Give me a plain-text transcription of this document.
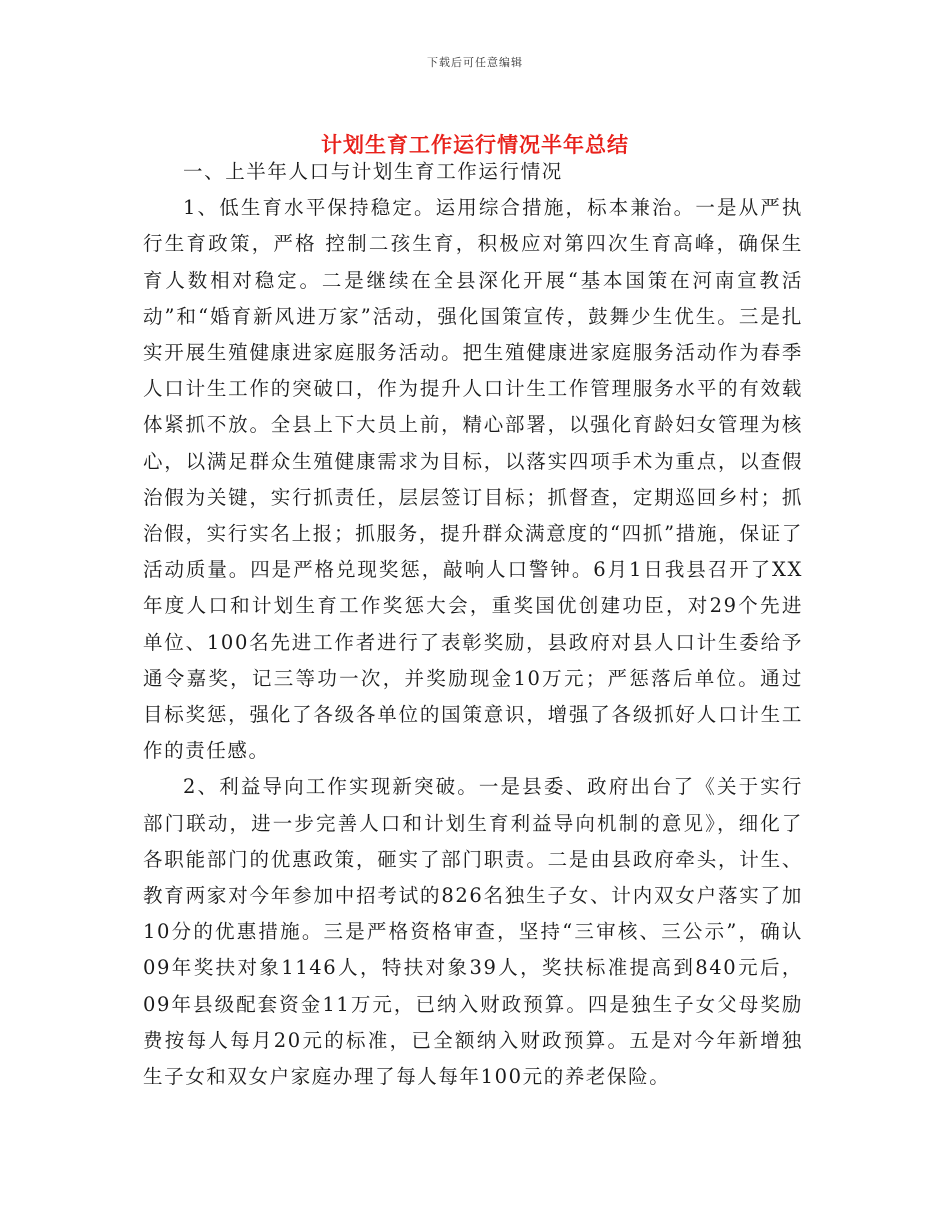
下载后可任意编辑
计划生育工作运行情况半年总结

一、上半年人口与计划生育工作运行情况

1、低生育水平保持稳定。运用综合措施，标本兼治。一是从严执行生育政策，严格 控制二孩生育，积极应对第四次生育高峰，确保生育人数相对稳定。二是继续在全县深化开展“基本国策在河南宣教活动”和“婚育新风进万家”活动，强化国策宣传，鼓舞少生优生。三是扎实开展生殖健康进家庭服务活动。把生殖健康进家庭服务活动作为春季人口计生工作的突破口，作为提升人口计生工作管理服务水平的有效载体紧抓不放。全县上下大员上前，精心部署，以强化育龄妇女管理为核心，以满足群众生殖健康需求为目标，以落实四项手术为重点，以查假治假为关键，实行抓责任，层层签订目标；抓督查，定期巡回乡村；抓治假，实行实名上报；抓服务，提升群众满意度的“四抓”措施，保证了活动质量。四是严格兑现奖惩，敲响人口警钟。6月1日我县召开了XX年度人口和计划生育工作奖惩大会，重奖国优创建功臣，对29个先进单位、100名先进工作者进行了表彰奖励，县政府对县人口计生委给予通令嘉奖，记三等功一次，并奖励现金10万元；严惩落后单位。通过目标奖惩，强化了各级各单位的国策意识，增强了各级抓好人口计生工作的责任感。

2、利益导向工作实现新突破。一是县委、政府出台了《关于实行部门联动，进一步完善人口和计划生育利益导向机制的意见》，细化了各职能部门的优惠政策，砸实了部门职责。二是由县政府牵头，计生、教育两家对今年参加中招考试的826名独生子女、计内双女户落实了加10分的优惠措施。三是严格资格审查，坚持“三审核、三公示”，确认09年奖扶对象1146人，特扶对象39人，奖扶标准提高到840元后，09年县级配套资金11万元，已纳入财政预算。四是独生子女父母奖励费按每人每月20元的标准，已全额纳入财政预算。五是对今年新增独生子女和双女户家庭办理了每人每年100元的养老保险。
